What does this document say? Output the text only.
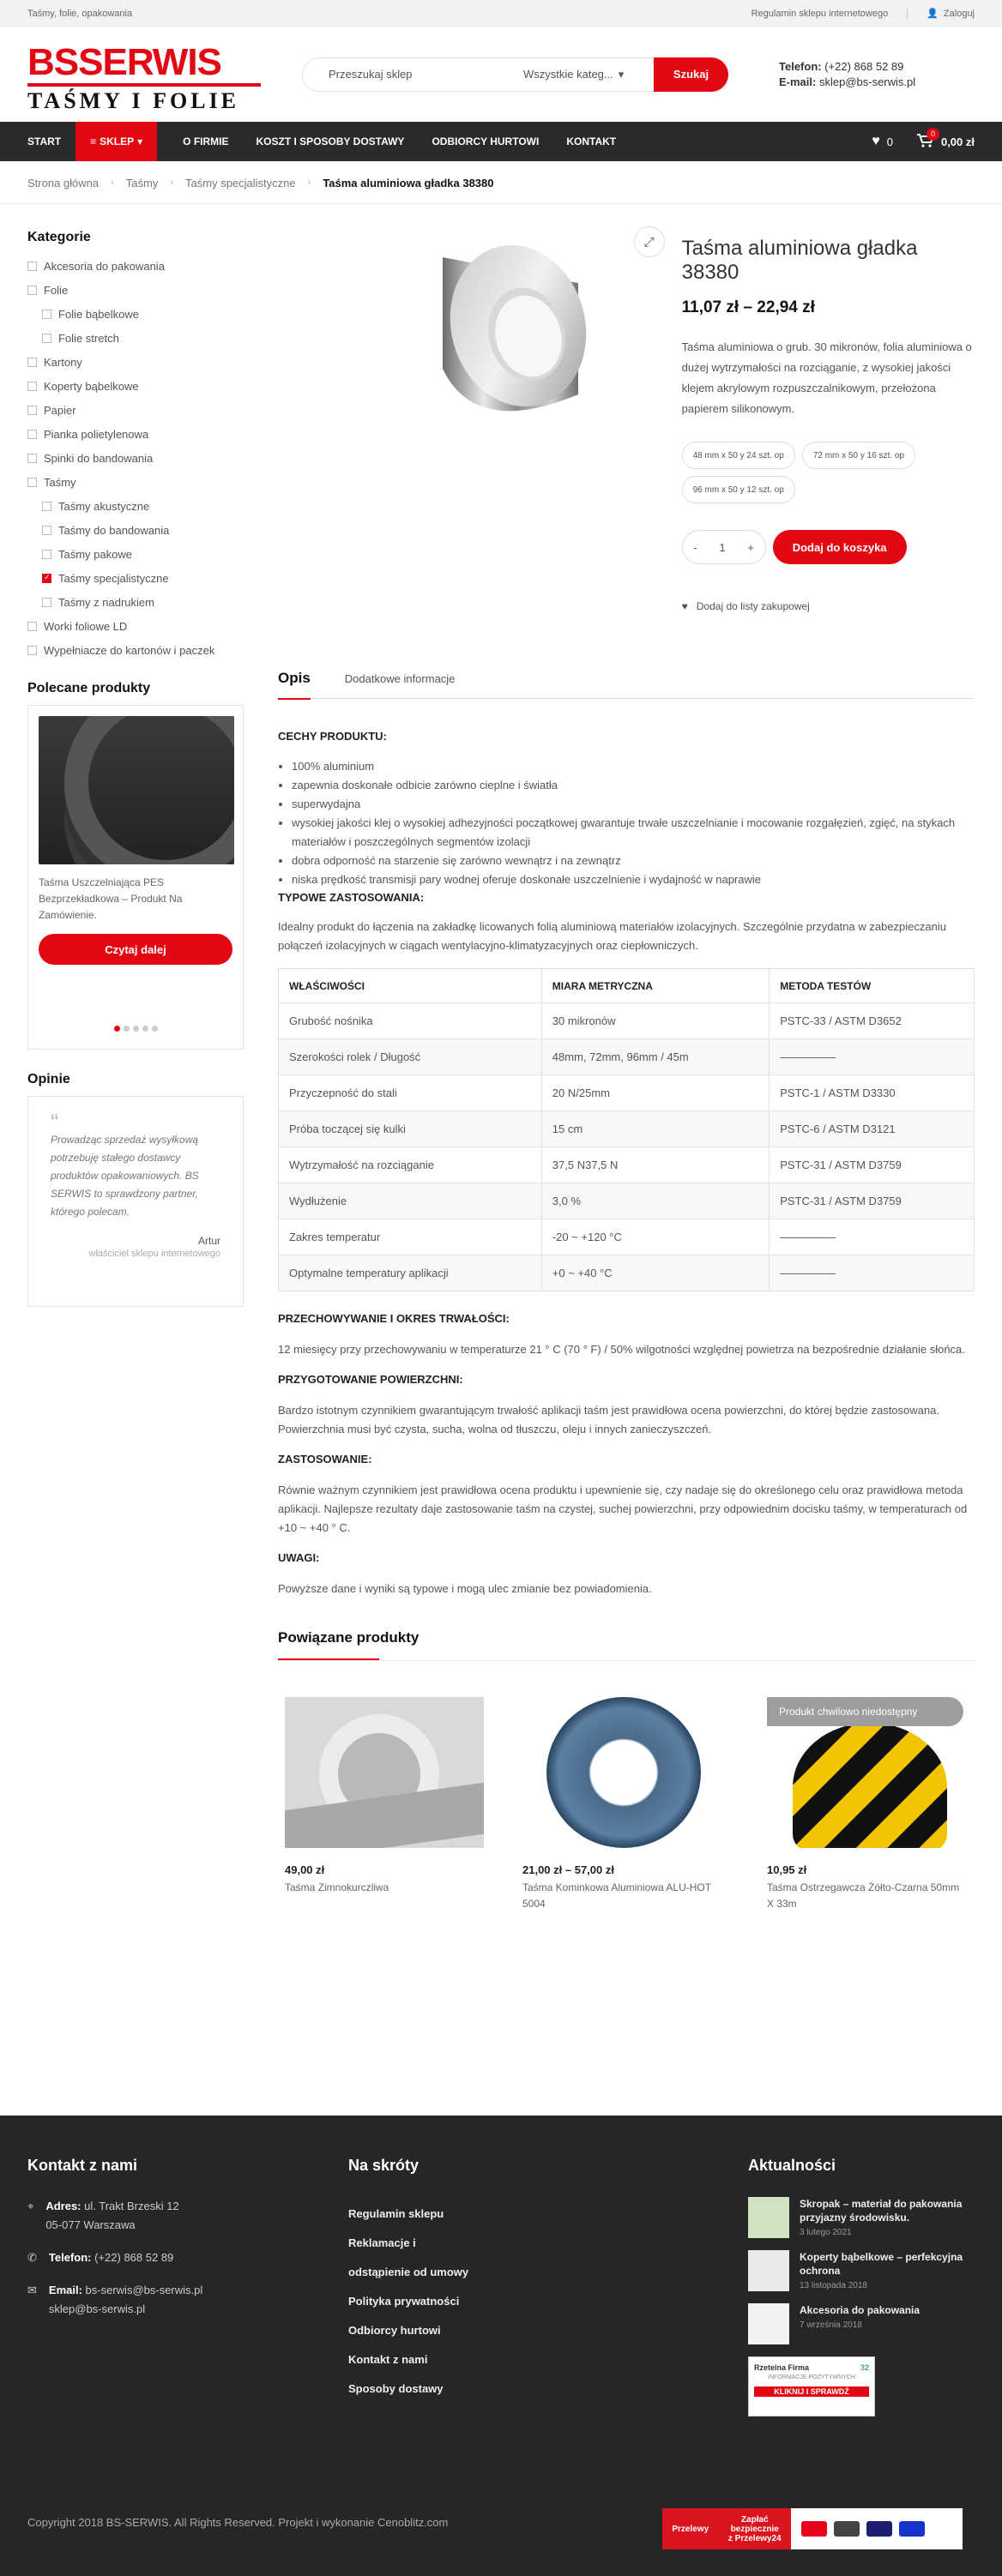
Taśmy, folie, opakowania	Regulamin sklepu internetowego	👤 Zaloguj
BSSERWIS
TAŚMY I FOLIE
Przeszukaj sklep	Wszystkie kateg... ▾	Szukaj
Telefon: (+22) 868 52 89
E-mail: sklep@bs-serwis.pl
START	≡ SKLEP ▾	O FIRMIE	KOSZT I SPOSOBY DOSTAWY	ODBIORCY HURTOWI	KONTAKT	♥ 0
0
0,00 zł
Strona główna › Taśmy › Taśmy specjalistyczne › Taśma aluminiowa gładka 38380
Kategorie
Akcesoria do pakowania
Folie
Folie bąbelkowe
Folie stretch
Kartony
Koperty bąbelkowe
Papier
Pianka polietylenowa
Spinki do bandowania
Taśmy
Taśmy akustyczne
Taśmy do bandowania
Taśmy pakowe
✓
Taśmy specjalistyczne
Taśmy z nadrukiem
Worki foliowe LD
Wypełniacze do kartonów i paczek
Polecane produkty

Taśma Uszczelniająca PES Bezprzekładkowa – Produkt Na Zamówienie.

Czytaj dalej
Opinie
“
Prowadząc sprzedaż wysyłkową potrzebuję stałego dostawcy produktów opakowaniowych. BS SERWIS to sprawdzony partner, którego polecam.
Artur
właściciel sklepu internetowego
⤢	Taśma aluminiowa gładka 38380
11,07 zł – 22,94 zł
Taśma aluminiowa o grub. 30 mikronów, folia aluminiowa o dużej wytrzymałości na rozciąganie, z wysokiej jakości klejem akrylowym rozpuszczalnikowym, przełożona papierem silikonowym.
48 mm x 50 y 24 szt. op	72 mm x 50 y 16 szt. op
96 mm x 50 y 12 szt. op
- 1 +	Dodaj do koszyka
♥ Dodaj do listy zakupowej
Opis	Dodatkowe informacje
CECHY PRODUKTU:
• 100% aluminium
• zapewnia doskonałe odbicie zarówno cieplne i światła
• superwydajna
• wysokiej jakości klej o wysokiej adhezyjności początkowej gwarantuje trwałe uszczelnianie i mocowanie rozgałęzień, zgięć, na stykach materiałów i poszczególnych segmentów izolacji
• dobra odporność na starzenie się zarówno wewnątrz i na zewnątrz
• niska prędkość transmisji pary wodnej oferuje doskonałe uszczelnienie i wydajność w naprawie
TYPOWE ZASTOSOWANIA:

Idealny produkt do łączenia na zakładkę licowanych folią aluminiową materiałów izolacyjnych. Szczególnie przydatna w zabezpieczaniu połączeń izolacyjnych w ciągach wentylacyjno-klimatyzacyjnych oraz ciepłowniczych.

WŁAŚCIWOŚCI	MIARA METRYCZNA	METODA TESTÓW
Grubość nośnika	30 mikronów	PSTC-33 / ASTM D3652
Szerokości rolek / Długość	48mm, 72mm, 96mm / 45m	—————
Przyczepność do stali	20 N/25mm	PSTC-1 / ASTM D3330
Próba toczącej się kulki	15 cm	PSTC-6 / ASTM D3121
Wytrzymałość na rozciąganie	37,5 N37,5 N	PSTC-31 / ASTM D3759
Wydłużenie	3,0 %	PSTC-31 / ASTM D3759
Zakres temperatur	-20 ~ +120 °C	—————
Optymalne temperatury aplikacji	+0 ~ +40 °C	—————
PRZECHOWYWANIE I OKRES TRWAŁOŚCI:

12 miesięcy przy przechowywaniu w temperaturze 21 ° C (70 ° F) / 50% wilgotności względnej powietrza na bezpośrednie działanie słońca.

PRZYGOTOWANIE POWIERZCHNI:

Bardzo istotnym czynnikiem gwarantującym trwałość aplikacji taśm jest prawidłowa ocena powierzchni, do której będzie zastosowana. Powierzchnia musi być czysta, sucha, wolna od tłuszczu, oleju i innych zanieczyszczeń.

ZASTOSOWANIE:

Równie ważnym czynnikiem jest prawidłowa ocena produktu i upewnienie się, czy nadaje się do określonego celu oraz prawidłowa metoda aplikacji. Najlepsze rezultaty daje zastosowanie taśm na czystej, suchej powierzchni, przy odpowiednim docisku taśmy, w temperaturach od +10 ~ +40 ° C.

UWAGI:

Powyższe dane i wyniki są typowe i mogą ulec zmianie bez powiadomienia.

Powiązane produkty
49,00 zł
Taśma Zimnokurczliwa
21,00 zł – 57,00 zł
Taśma Kominkowa Aluminiowa ALU-HOT 5004
Produkt chwilowo niedostępny
10,95 zł
Taśma Ostrzegawcza Żółto-Czarna 50mm X 33m
Kontakt z nami
⌖ Adres: ul. Trakt Brzeski 12
05-077 Warszawa
✆ Telefon: (+22) 868 52 89
✉ Email: bs-serwis@bs-serwis.pl
sklep@bs-serwis.pl
Na skróty
Regulamin sklepu
Reklamacje i
odstąpienie od umowy
Polityka prywatności
Odbiorcy hurtowi
Kontakt z nami
Sposoby dostawy
Aktualności
Skropak – materiał do pakowania przyjazny środowisku.
3 lutego 2021
Koperty bąbelkowe – perfekcyjna ochrona
13 listopada 2018
Akcesoria do pakowania
7 września 2018
Rzetelna Firma	32
INFORMACJE POZYTYWNYCH
KLIKNIJ I SPRAWDŹ
Copyright 2018 BS-SERWIS. All Rights Reserved. Projekt i wykonanie Cenoblitz.com	Przelewy
Zapłać
bezpiecznie
z Przelewy24
